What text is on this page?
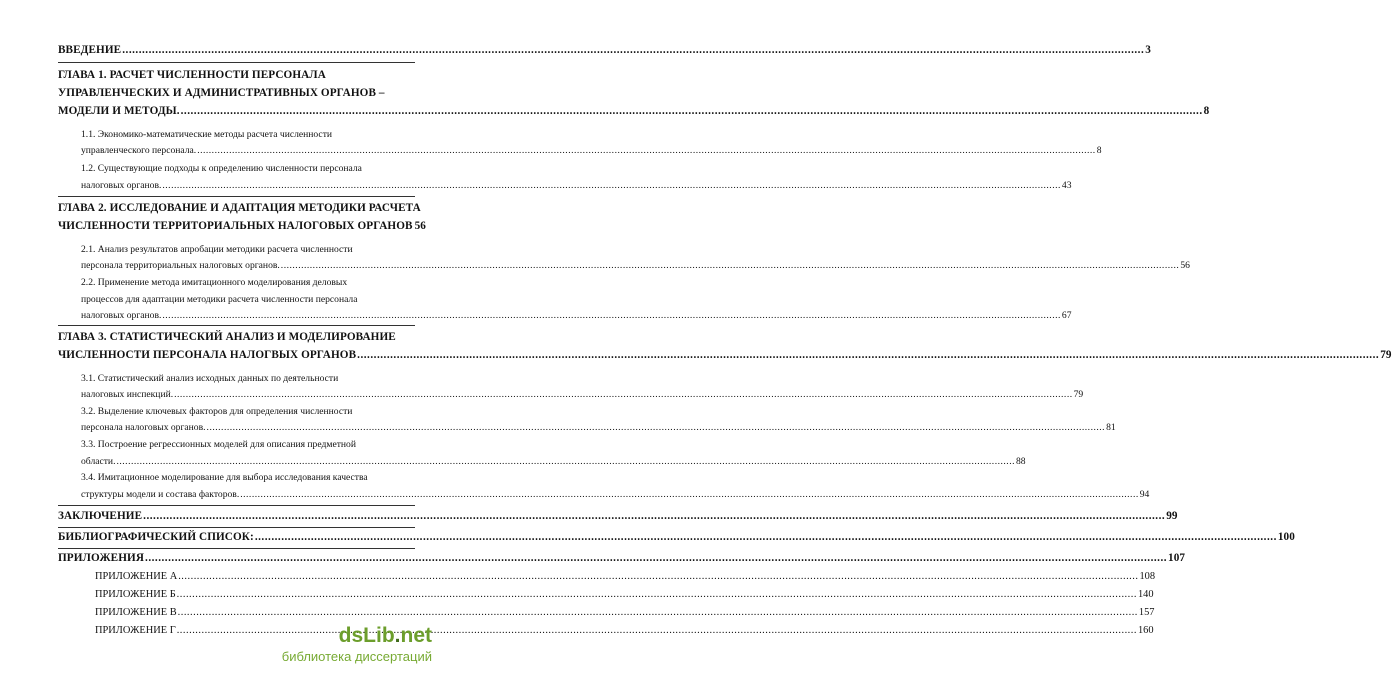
ВВЕДЕНИЕ .....	3
ГЛАВА 1. РАСЧЕТ ЧИСЛЕННОСТИ ПЕРСОНАЛА
УПРАВЛЕНЧЕСКИХ И АДМИНИСТРАТИВНЫХ ОРГАНОВ –
МОДЕЛИ И МЕТОДЫ. .....	8
1.1. Экономико-математические методы расчета численности
управленческого персонала. .....	8
1.2. Существующие подходы к определению численности персонала
налоговых органов. .....	43
ГЛАВА 2. ИССЛЕДОВАНИЕ И АДАПТАЦИЯ МЕТОДИКИ РАСЧЕТА
ЧИСЛЕННОСТИ ТЕРРИТОРИАЛЬНЫХ НАЛОГОВЫХ ОРГАНОВ 56
2.1. Анализ результатов апробации методики расчета численности
персонала территориальных налоговых органов. .....	56
2.2. Применение метода имитационного моделирования деловых
процессов для адаптации методики расчета численности персонала
налоговых органов. .....	67
ГЛАВА 3. СТАТИСТИЧЕСКИЙ АНАЛИЗ И МОДЕЛИРОВАНИЕ
ЧИСЛЕННОСТИ ПЕРСОНАЛА НАЛОГВЫХ ОРГАНОВ .....	79
3.1. Статистический анализ исходных данных по деятельности
налоговых инспекций. .....	79
3.2. Выделение ключевых факторов для определения численности
персонала налоговых органов. .....	81
3.3. Построение регрессионных моделей для описания предметной
области. .....	88
3.4. Имитационное моделирование для выбора исследования качества
структуры модели и состава факторов. .....	94
ЗАКЛЮЧЕНИЕ .....	99
БИБЛИОГРАФИЧЕСКИЙ СПИСОК: .....	100
ПРИЛОЖЕНИЯ .....	107
ПРИЛОЖЕНИЕ А .....	108
ПРИЛОЖЕНИЕ Б .....	140
ПРИЛОЖЕНИЕ В .....	157
ПРИЛОЖЕНИЕ Г .....	160
dsLib.net
библиотека диссертаций
